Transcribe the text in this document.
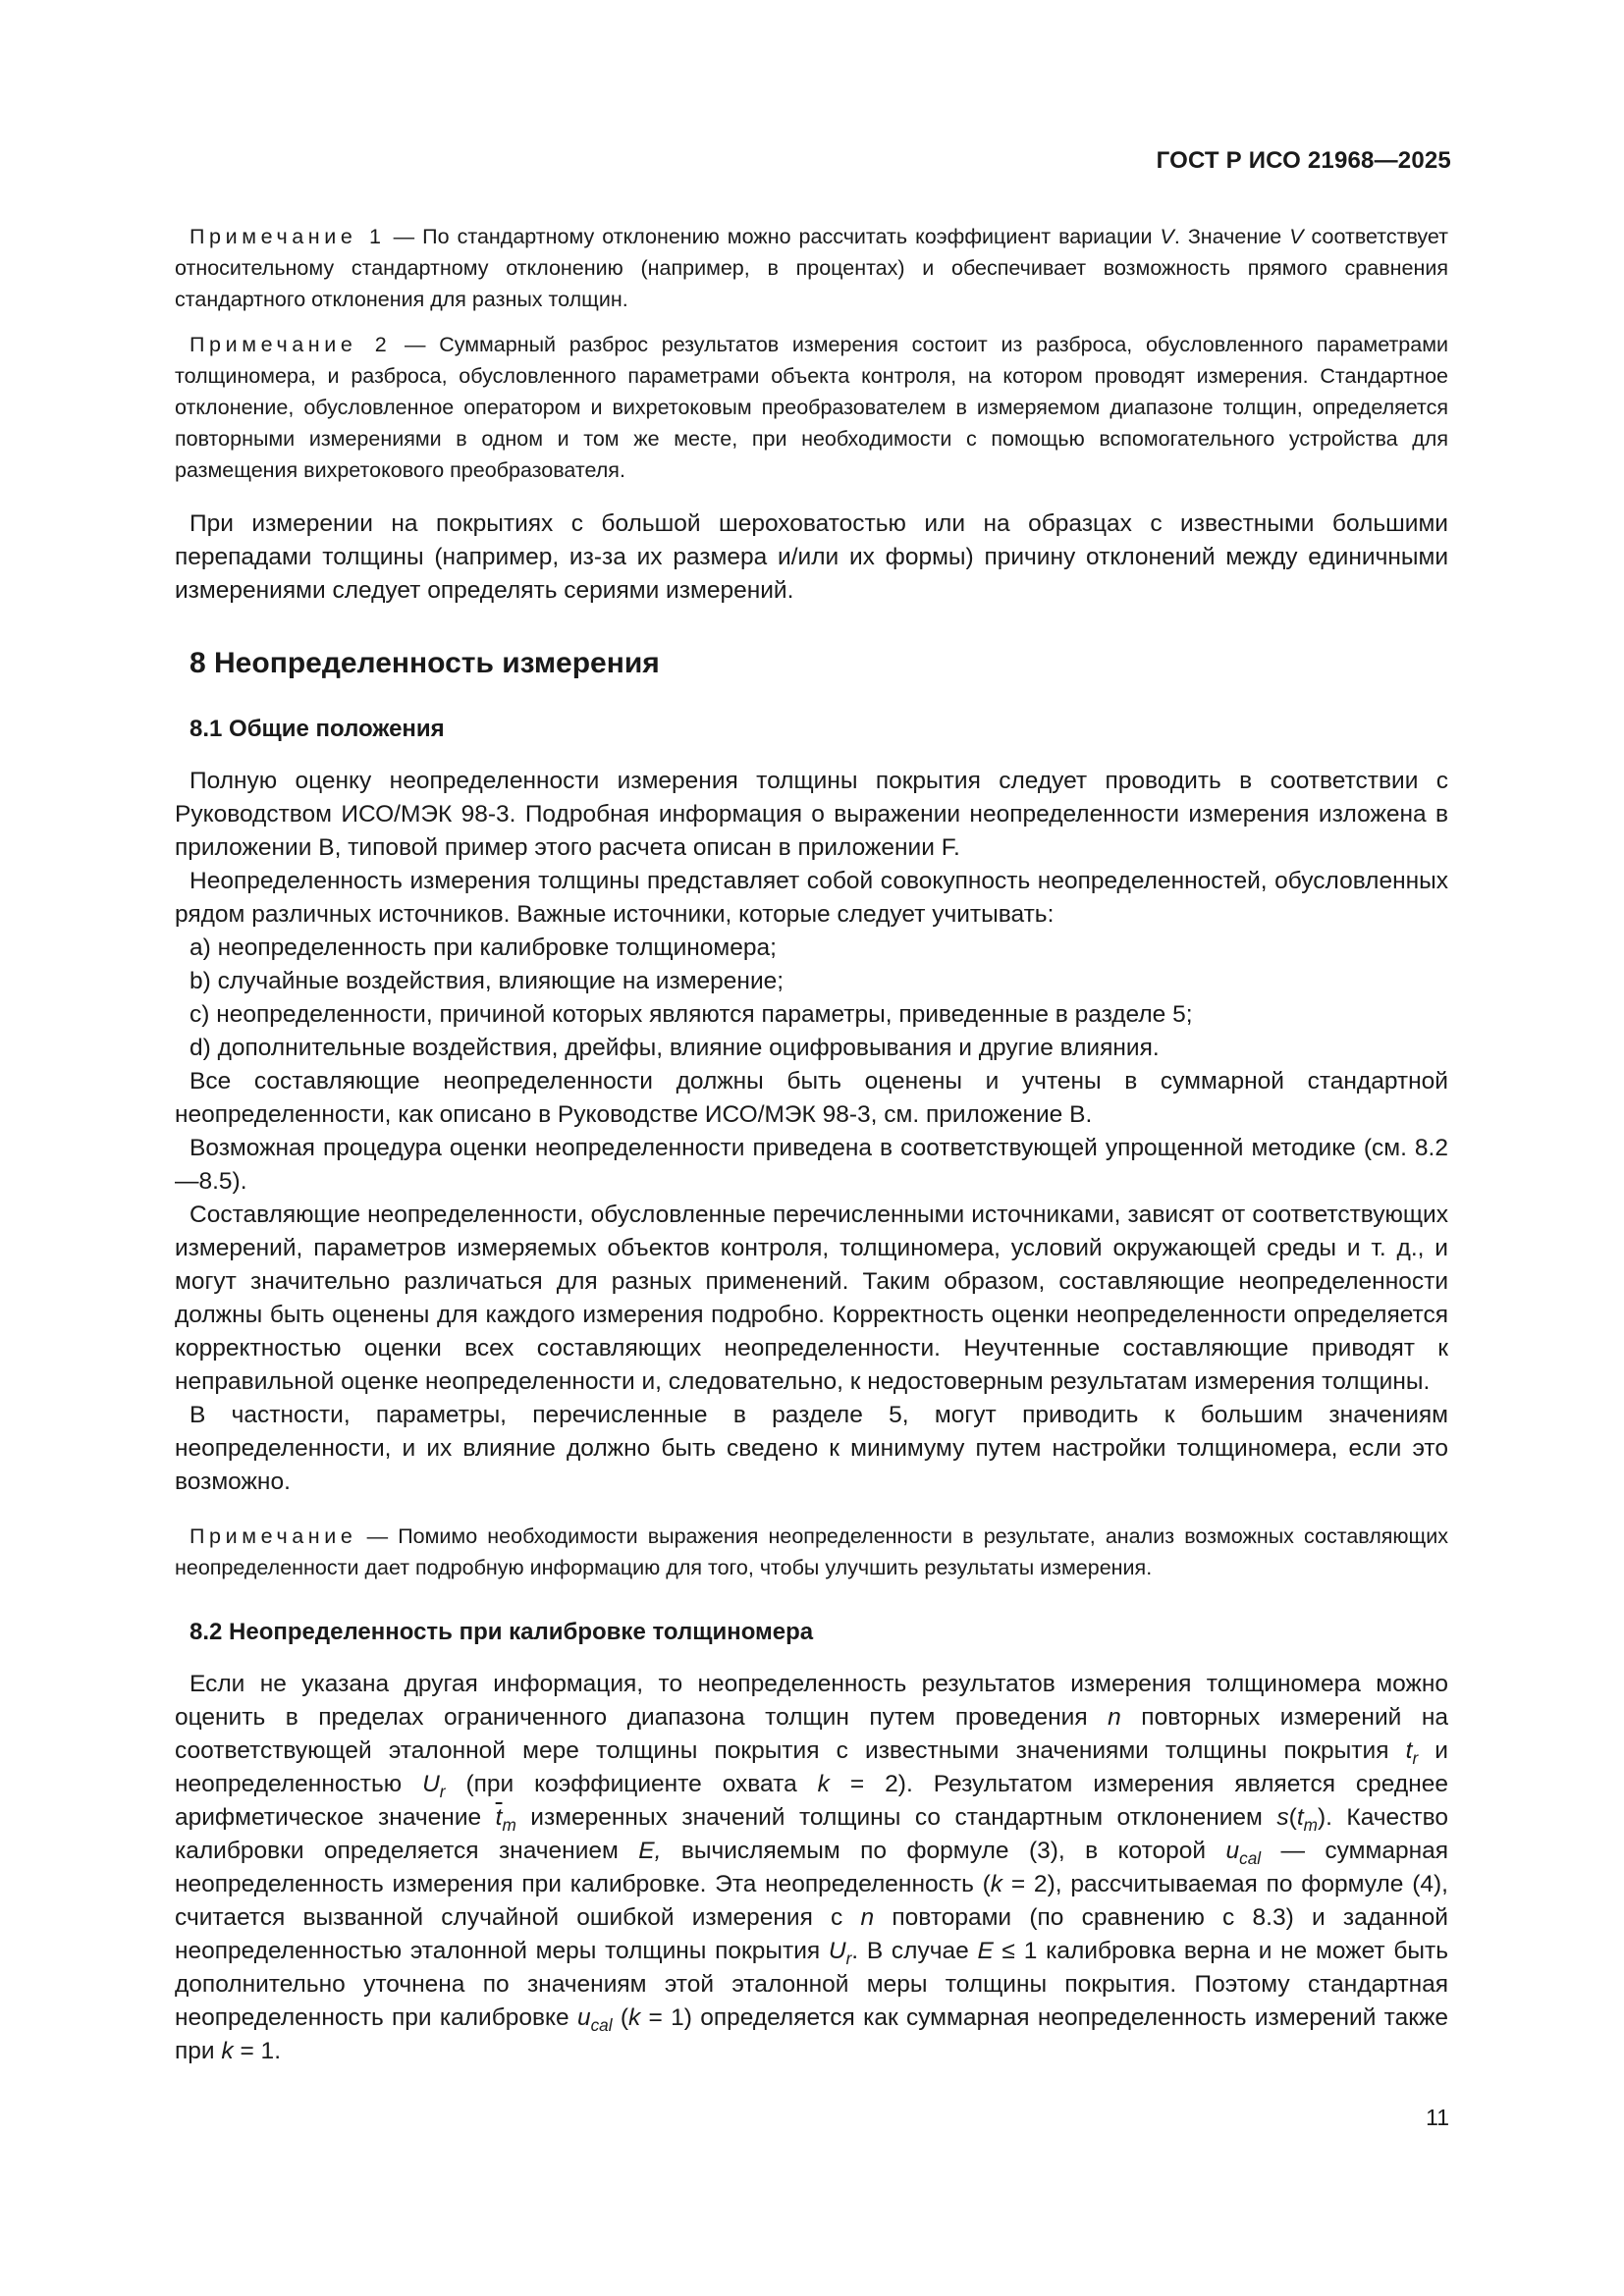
ГОСТ Р ИСО 21968—2025

Примечание 1 — По стандартному отклонению можно рассчитать коэффициент вариации V. Значение V соответствует относительному стандартному отклонению (например, в процентах) и обеспечивает возможность прямого сравнения стандартного отклонения для разных толщин.

Примечание 2 — Суммарный разброс результатов измерения состоит из разброса, обусловленного параметрами толщиномера, и разброса, обусловленного параметрами объекта контроля, на котором проводят измерения. Стандартное отклонение, обусловленное оператором и вихретоковым преобразователем в измеряемом диапазоне толщин, определяется повторными измерениями в одном и том же месте, при необходимости с помощью вспомогательного устройства для размещения вихретокового преобразователя.

При измерении на покрытиях с большой шероховатостью или на образцах с известными большими перепадами толщины (например, из-за их размера и/или их формы) причину отклонений между единичными измерениями следует определять сериями измерений.

8 Неопределенность измерения
8.1 Общие положения

Полную оценку неопределенности измерения толщины покрытия следует проводить в соответствии с Руководством ИСО/МЭК 98-3. Подробная информация о выражении неопределенности измерения изложена в приложении B, типовой пример этого расчета описан в приложении F.

Неопределенность измерения толщины представляет собой совокупность неопределенностей, обусловленных рядом различных источников. Важные источники, которые следует учитывать:

a) неопределенность при калибровке толщиномера;

b) случайные воздействия, влияющие на измерение;

c) неопределенности, причиной которых являются параметры, приведенные в разделе 5;

d) дополнительные воздействия, дрейфы, влияние оцифровывания и другие влияния.

Все составляющие неопределенности должны быть оценены и учтены в суммарной стандартной неопределенности, как описано в Руководстве ИСО/МЭК 98-3, см. приложение B.

Возможная процедура оценки неопределенности приведена в соответствующей упрощенной методике (см. 8.2—8.5).

Составляющие неопределенности, обусловленные перечисленными источниками, зависят от соответствующих измерений, параметров измеряемых объектов контроля, толщиномера, условий окружающей среды и т. д., и могут значительно различаться для разных применений. Таким образом, составляющие неопределенности должны быть оценены для каждого измерения подробно. Корректность оценки неопределенности определяется корректностью оценки всех составляющих неопределенности. Неучтенные составляющие приводят к неправильной оценке неопределенности и, следовательно, к недостоверным результатам измерения толщины.

В частности, параметры, перечисленные в разделе 5, могут приводить к большим значениям неопределенности, и их влияние должно быть сведено к минимуму путем настройки толщиномера, если это возможно.

Примечание — Помимо необходимости выражения неопределенности в результате, анализ возможных составляющих неопределенности дает подробную информацию для того, чтобы улучшить результаты измерения.

8.2 Неопределенность при калибровке толщиномера

Если не указана другая информация, то неопределенность результатов измерения толщиномера можно оценить в пределах ограниченного диапазона толщин путем проведения n повторных измерений на соответствующей эталонной мере толщины покрытия с известными значениями толщины покрытия $t_r$ и неопределенностью $U_r$ (при коэффициенте охвата k = 2). Результатом измерения является среднее арифметическое значение $\overline{t}_m$ измеренных значений толщины со стандартным отклонением $s(t_m)$. Качество калибровки определяется значением E, вычисляемым по формуле (3), в которой $u_{cal}$ — суммарная неопределенность измерения при калибровке. Эта неопределенность (k = 2), рассчитываемая по формуле (4), считается вызванной случайной ошибкой измерения с n повторами (по сравнению с 8.3) и заданной неопределенностью эталонной меры толщины покрытия $U_r$. В случае E ≤ 1 калибровка верна и не может быть дополнительно уточнена по значениям этой эталонной меры толщины покрытия. Поэтому стандартная неопределенность при калибровке $u_{cal}$ (k = 1) определяется как суммарная неопределенность измерений также при k = 1.

11
